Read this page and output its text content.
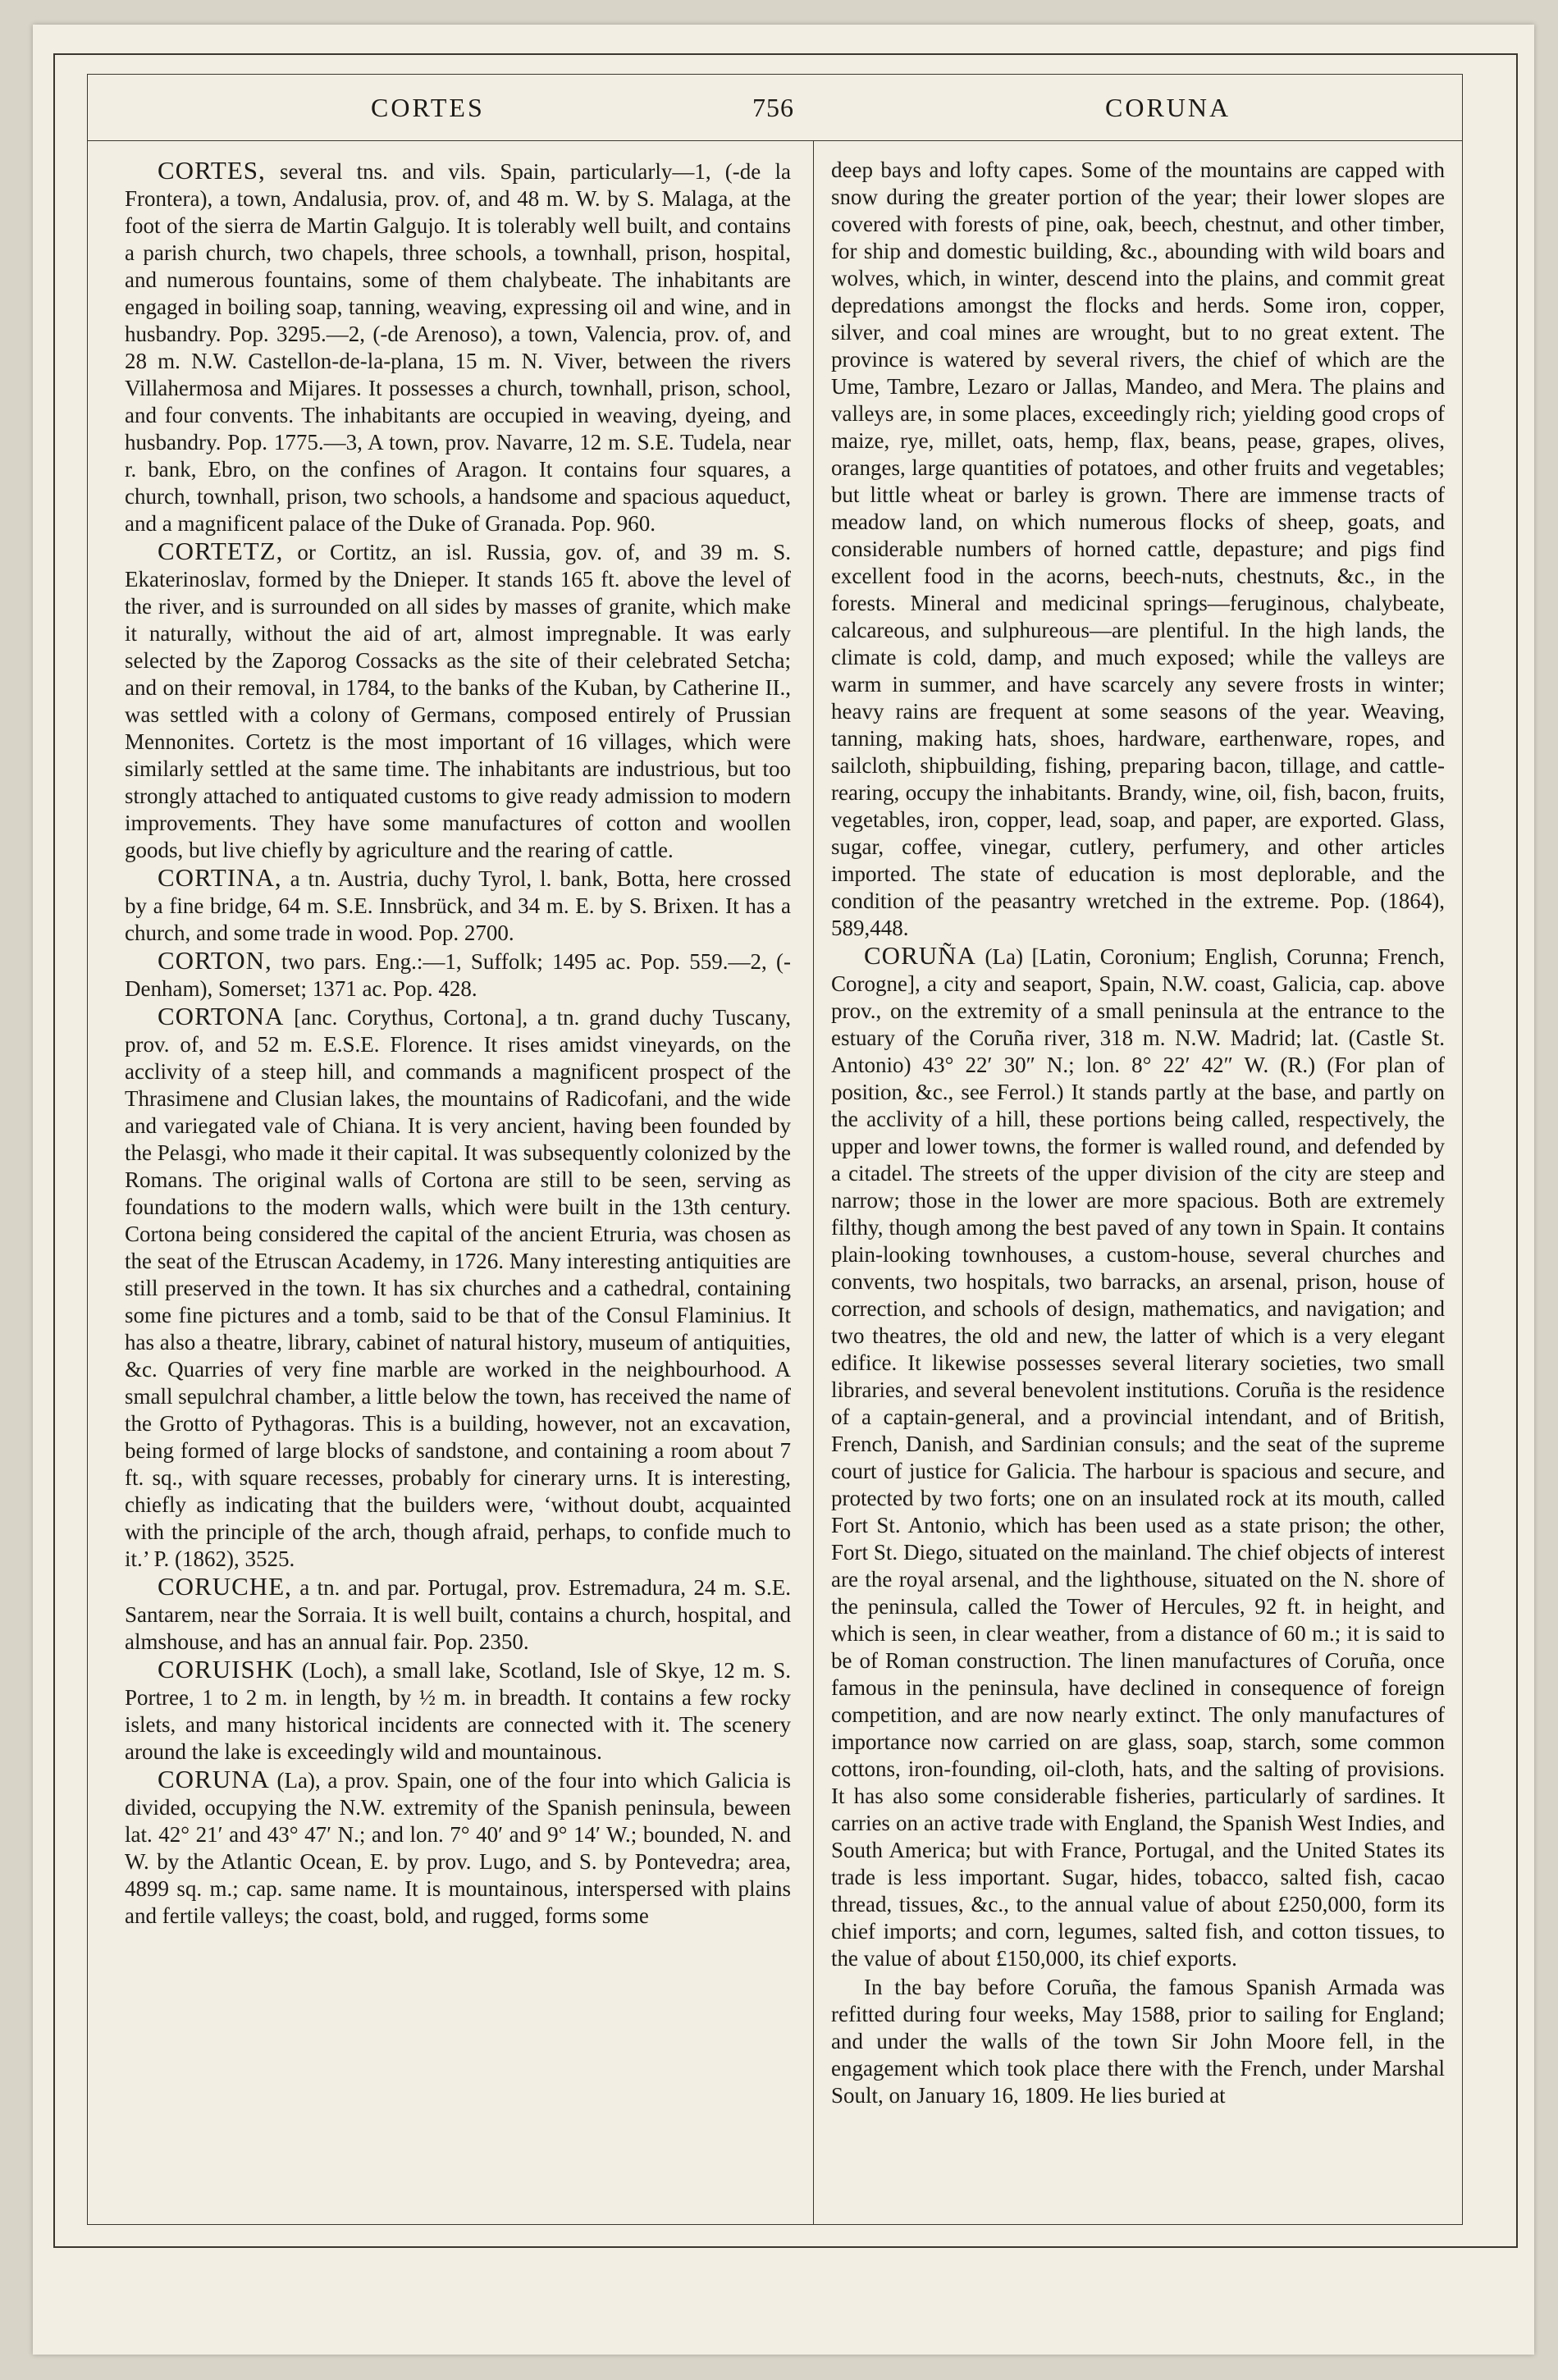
CORTES	756	CORUNA

CORTES, several tns. and vils. Spain, particularly—1, (-de la Frontera), a town, Andalusia, prov. of, and 48 m. W. by S. Malaga, at the foot of the sierra de Martin Galgujo. It is tolerably well built, and contains a parish church, two chapels, three schools, a townhall, prison, hospital, and numerous fountains, some of them chalybeate. The inhabitants are engaged in boiling soap, tanning, weaving, expressing oil and wine, and in husbandry. Pop. 3295.—2, (-de Arenoso), a town, Valencia, prov. of, and 28 m. N.W. Castellon-de-la-plana, 15 m. N. Viver, between the rivers Villahermosa and Mijares. It possesses a church, townhall, prison, school, and four convents. The inhabitants are occupied in weaving, dyeing, and husbandry. Pop. 1775.—3, A town, prov. Navarre, 12 m. S.E. Tudela, near r. bank, Ebro, on the confines of Aragon. It contains four squares, a church, townhall, prison, two schools, a handsome and spacious aqueduct, and a magnificent palace of the Duke of Granada. Pop. 960.

CORTETZ, or Cortitz, an isl. Russia, gov. of, and 39 m. S. Ekaterinoslav, formed by the Dnieper. It stands 165 ft. above the level of the river, and is surrounded on all sides by masses of granite, which make it naturally, without the aid of art, almost impregnable. It was early selected by the Zaporog Cossacks as the site of their celebrated Setcha; and on their removal, in 1784, to the banks of the Kuban, by Catherine II., was settled with a colony of Germans, composed entirely of Prussian Mennonites. Cortetz is the most important of 16 villages, which were similarly settled at the same time. The inhabitants are industrious, but too strongly attached to antiquated customs to give ready admission to modern improvements. They have some manufactures of cotton and woollen goods, but live chiefly by agriculture and the rearing of cattle.

CORTINA, a tn. Austria, duchy Tyrol, l. bank, Botta, here crossed by a fine bridge, 64 m. S.E. Innsbrück, and 34 m. E. by S. Brixen. It has a church, and some trade in wood. Pop. 2700.

CORTON, two pars. Eng.:—1, Suffolk; 1495 ac. Pop. 559.—2, (-Denham), Somerset; 1371 ac. Pop. 428.

CORTONA [anc. Corythus, Cortona], a tn. grand duchy Tuscany, prov. of, and 52 m. E.S.E. Florence. It rises amidst vineyards, on the acclivity of a steep hill, and commands a magnificent prospect of the Thrasimene and Clusian lakes, the mountains of Radicofani, and the wide and variegated vale of Chiana. It is very ancient, having been founded by the Pelasgi, who made it their capital. It was subsequently colonized by the Romans. The original walls of Cortona are still to be seen, serving as foundations to the modern walls, which were built in the 13th century. Cortona being considered the capital of the ancient Etruria, was chosen as the seat of the Etruscan Academy, in 1726. Many interesting antiquities are still preserved in the town. It has six churches and a cathedral, containing some fine pictures and a tomb, said to be that of the Consul Flaminius. It has also a theatre, library, cabinet of natural history, museum of antiquities, &c. Quarries of very fine marble are worked in the neighbourhood. A small sepulchral chamber, a little below the town, has received the name of the Grotto of Pythagoras. This is a building, however, not an excavation, being formed of large blocks of sandstone, and containing a room about 7 ft. sq., with square recesses, probably for cinerary urns. It is interesting, chiefly as indicating that the builders were, ‘without doubt, acquainted with the principle of the arch, though afraid, perhaps, to confide much to it.’ P. (1862), 3525.

CORUCHE, a tn. and par. Portugal, prov. Estremadura, 24 m. S.E. Santarem, near the Sorraia. It is well built, contains a church, hospital, and almshouse, and has an annual fair. Pop. 2350.

CORUISHK (Loch), a small lake, Scotland, Isle of Skye, 12 m. S. Portree, 1 to 2 m. in length, by ½ m. in breadth. It contains a few rocky islets, and many historical incidents are connected with it. The scenery around the lake is exceedingly wild and mountainous.

CORUNA (La), a prov. Spain, one of the four into which Galicia is divided, occupying the N.W. extremity of the Spanish peninsula, beween lat. 42° 21′ and 43° 47′ N.; and lon. 7° 40′ and 9° 14′ W.; bounded, N. and W. by the Atlantic Ocean, E. by prov. Lugo, and S. by Pontevedra; area, 4899 sq. m.; cap. same name. It is mountainous, interspersed with plains and fertile valleys; the coast, bold, and rugged, forms some

deep bays and lofty capes. Some of the mountains are capped with snow during the greater portion of the year; their lower slopes are covered with forests of pine, oak, beech, chestnut, and other timber, for ship and domestic building, &c., abounding with wild boars and wolves, which, in winter, descend into the plains, and commit great depredations amongst the flocks and herds. Some iron, copper, silver, and coal mines are wrought, but to no great extent. The province is watered by several rivers, the chief of which are the Ume, Tambre, Lezaro or Jallas, Mandeo, and Mera. The plains and valleys are, in some places, exceedingly rich; yielding good crops of maize, rye, millet, oats, hemp, flax, beans, pease, grapes, olives, oranges, large quantities of potatoes, and other fruits and vegetables; but little wheat or barley is grown. There are immense tracts of meadow land, on which numerous flocks of sheep, goats, and considerable numbers of horned cattle, depasture; and pigs find excellent food in the acorns, beech-nuts, chestnuts, &c., in the forests. Mineral and medicinal springs—feruginous, chalybeate, calcareous, and sulphureous—are plentiful. In the high lands, the climate is cold, damp, and much exposed; while the valleys are warm in summer, and have scarcely any severe frosts in winter; heavy rains are frequent at some seasons of the year. Weaving, tanning, making hats, shoes, hardware, earthenware, ropes, and sailcloth, shipbuilding, fishing, preparing bacon, tillage, and cattle-rearing, occupy the inhabitants. Brandy, wine, oil, fish, bacon, fruits, vegetables, iron, copper, lead, soap, and paper, are exported. Glass, sugar, coffee, vinegar, cutlery, perfumery, and other articles imported. The state of education is most deplorable, and the condition of the peasantry wretched in the extreme. Pop. (1864), 589,448.

CORUÑA (La) [Latin, Coronium; English, Corunna; French, Corogne], a city and seaport, Spain, N.W. coast, Galicia, cap. above prov., on the extremity of a small peninsula at the entrance to the estuary of the Coruña river, 318 m. N.W. Madrid; lat. (Castle St. Antonio) 43° 22′ 30″ N.; lon. 8° 22′ 42″ W. (R.) (For plan of position, &c., see Ferrol.) It stands partly at the base, and partly on the acclivity of a hill, these portions being called, respectively, the upper and lower towns, the former is walled round, and defended by a citadel. The streets of the upper division of the city are steep and narrow; those in the lower are more spacious. Both are extremely filthy, though among the best paved of any town in Spain. It contains plain-looking townhouses, a custom-house, several churches and convents, two hospitals, two barracks, an arsenal, prison, house of correction, and schools of design, mathematics, and navigation; and two theatres, the old and new, the latter of which is a very elegant edifice. It likewise possesses several literary societies, two small libraries, and several benevolent institutions. Coruña is the residence of a captain-general, and a provincial intendant, and of British, French, Danish, and Sardinian consuls; and the seat of the supreme court of justice for Galicia. The harbour is spacious and secure, and protected by two forts; one on an insulated rock at its mouth, called Fort St. Antonio, which has been used as a state prison; the other, Fort St. Diego, situated on the mainland. The chief objects of interest are the royal arsenal, and the lighthouse, situated on the N. shore of the peninsula, called the Tower of Hercules, 92 ft. in height, and which is seen, in clear weather, from a distance of 60 m.; it is said to be of Roman construction. The linen manufactures of Coruña, once famous in the peninsula, have declined in consequence of foreign competition, and are now nearly extinct. The only manufactures of importance now carried on are glass, soap, starch, some common cottons, iron-founding, oil-cloth, hats, and the salting of provisions. It has also some considerable fisheries, particularly of sardines. It carries on an active trade with England, the Spanish West Indies, and South America; but with France, Portugal, and the United States its trade is less important. Sugar, hides, tobacco, salted fish, cacao thread, tissues, &c., to the annual value of about £250,000, form its chief imports; and corn, legumes, salted fish, and cotton tissues, to the value of about £150,000, its chief exports.

In the bay before Coruña, the famous Spanish Armada was refitted during four weeks, May 1588, prior to sailing for England; and under the walls of the town Sir John Moore fell, in the engagement which took place there with the French, under Marshal Soult, on January 16, 1809. He lies buried at
